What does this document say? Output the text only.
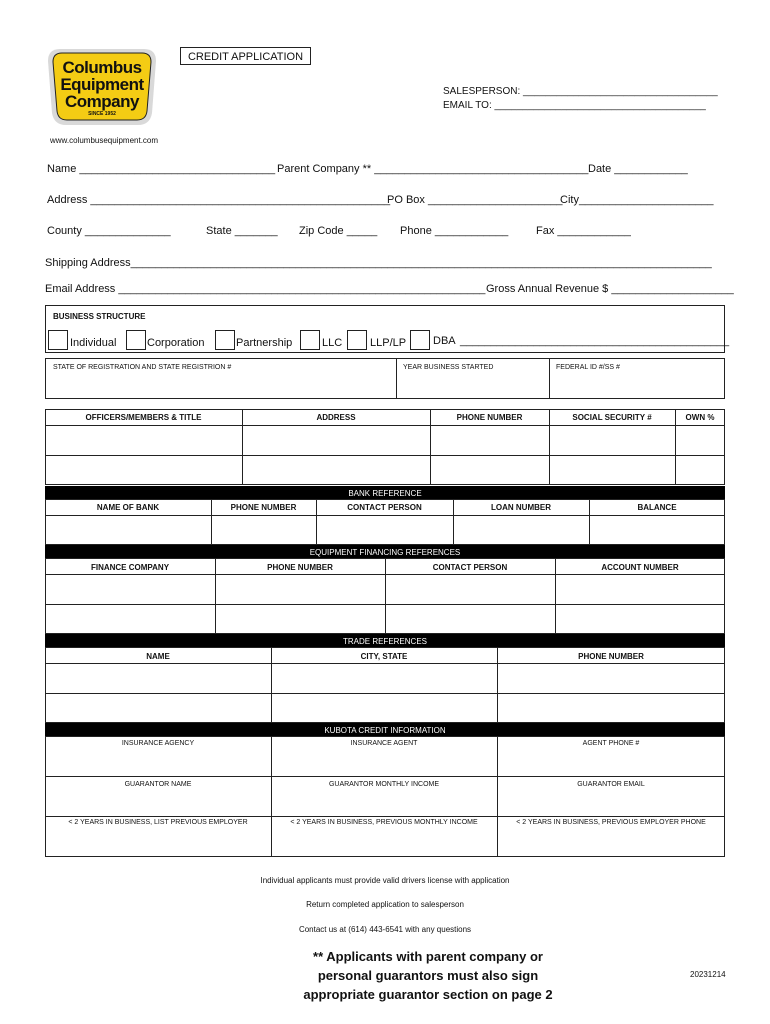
Columbus
Equipment
Company
SINCE 1952
www.columbusequipment.com
CREDIT APPLICATION
SALESPERSON: ___________________________________
EMAIL TO: ______________________________________
Name ________________________________ Parent Company ** ___________________________________ Date ____________
Address _________________________________________________
PO Box ______________________
City______________________
County ______________	State _______ Zip Code _____ Phone ____________	Fax ____________
Shipping Address_______________________________________________________________________________________________
Email Address ____________________________________________________________ Gross Annual Revenue $ ____________________
BUSINESS STRUCTURE
Individual	Corporation	Partnership	LLC	LLP/LP DBA ____________________________________________
STATE OF REGISTRATION AND STATE REGISTRION #	YEAR BUSINESS STARTED	FEDERAL ID #/SS #
OFFICERS/MEMBERS & TITLE	ADDRESS	PHONE NUMBER	SOCIAL SECURITY #	OWN %
BANK REFERENCE
NAME OF BANK	PHONE NUMBER	CONTACT PERSON	LOAN NUMBER	BALANCE
EQUIPMENT FINANCING REFERENCES
FINANCE COMPANY	PHONE NUMBER	CONTACT PERSON	ACCOUNT NUMBER
TRADE REFERENCES
NAME	CITY, STATE	PHONE NUMBER
KUBOTA CREDIT INFORMATION
INSURANCE AGENCY	INSURANCE AGENT	AGENT PHONE #
GUARANTOR NAME	GUARANTOR MONTHLY INCOME	GUARANTOR EMAIL
< 2 YEARS IN BUSINESS, LIST PREVIOUS EMPLOYER	< 2 YEARS IN BUSINESS, PREVIOUS MONTHLY INCOME	< 2 YEARS IN BUSINESS, PREVIOUS EMPLOYER PHONE
Individual applicants must provide valid drivers license with application
Return completed application to salesperson
Contact us at (614) 443-6541 with any questions
** Applicants with parent company or
personal guarantors must also sign
appropriate guarantor section on page 2
20231214
